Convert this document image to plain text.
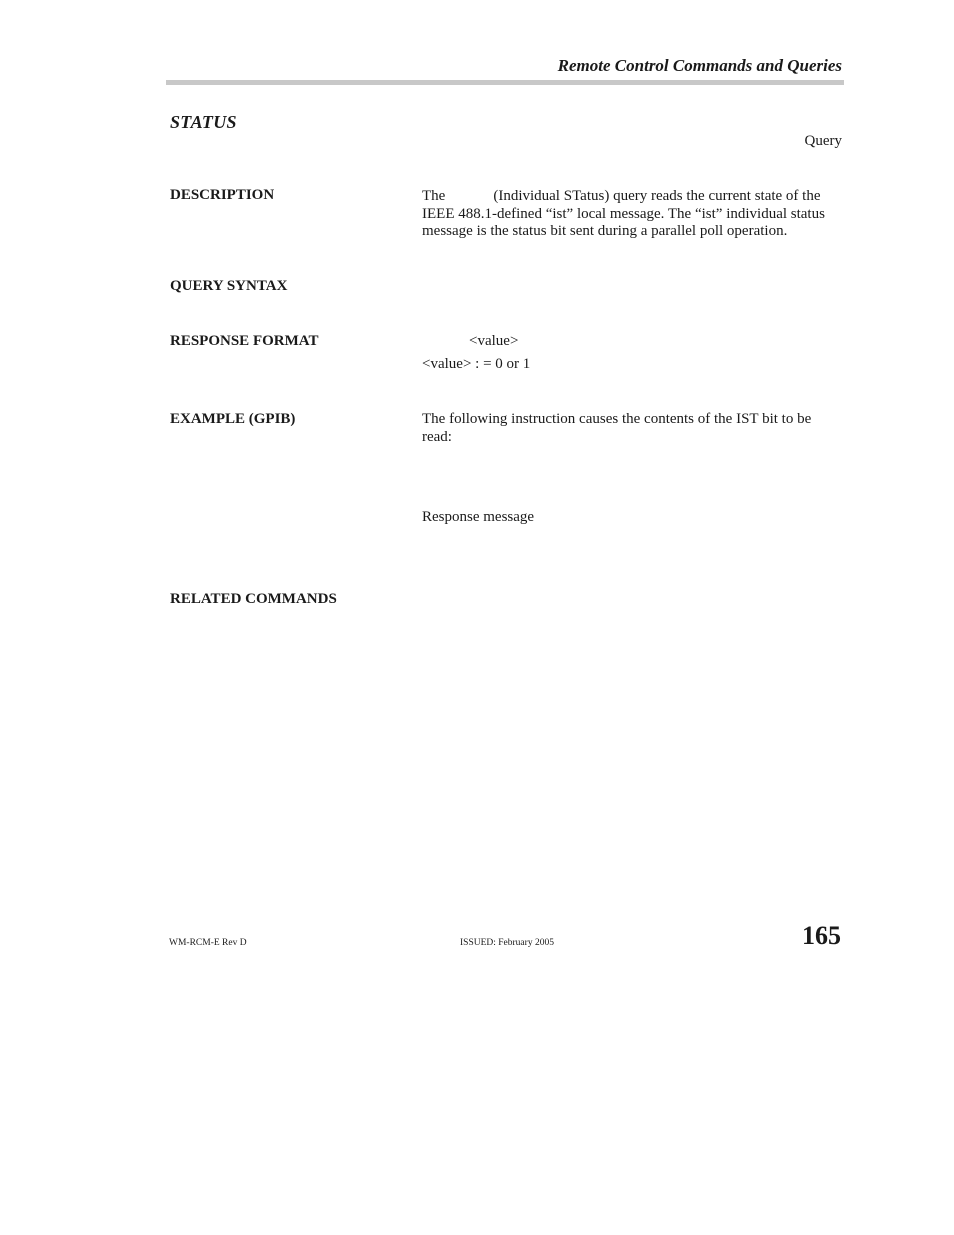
Remote Control Commands and Queries
STATUS
Query
DESCRIPTION	The	(Individual STatus) query reads the current state of the IEEE 488.1-defined “ist” local message. The “ist” individual status message is the status bit sent during a parallel poll operation.
QUERY SYNTAX
RESPONSE FORMAT	<value>
<value> : = 0 or 1
EXAMPLE (GPIB)	The following instruction causes the contents of the IST bit to be read:
Response message
RELATED COMMANDS
WM-RCM-E Rev D	ISSUED: February 2005	165
